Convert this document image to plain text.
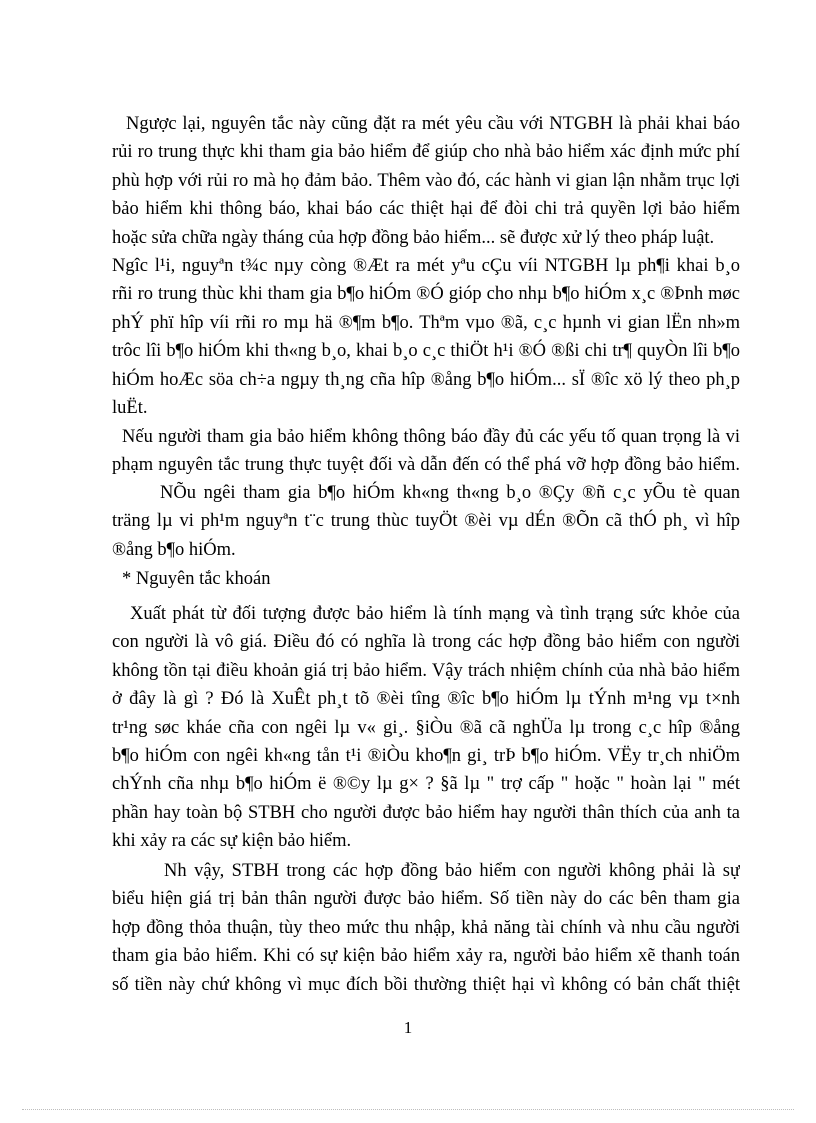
Ngược lại, nguyên tắc này cũng đặt ra mét yêu cầu với NTGBH là phải khai báo
rủi ro trung thực khi tham gia bảo hiểm để giúp cho nhà bảo hiểm xác định mức phí
phù hợp với rủi ro mà họ đảm bảo. Thêm vào đó, các hành vi gian lận nhằm trục lợi
bảo hiểm khi thông báo, khai báo các thiệt hại để đòi chi trả quyền lợi bảo hiểm
hoặc sửa chữa ngày tháng của hợp đồng bảo hiểm... sẽ được xử lý theo pháp luật.
Ngîc l¹i, nguyªn t¾c nµy còng ®Æt ra mét yªu cÇu víi NTGBH lµ ph¶i khai b¸o
rñi ro trung thùc khi tham gia b¶o hiÓm ®Ó gióp cho nhµ b¶o hiÓm x¸c ®Þnh møc
phÝ phï hîp víi rñi ro mµ hä ®¶m b¶o. Thªm vµo ®ã, c¸c hµnh vi gian lËn nh»m
trôc lîi b¶o hiÓm khi th«ng b¸o, khai b¸o c¸c thiÖt h¹i ®Ó ®ßi chi tr¶ quyÒn lîi b¶o
hiÓm hoÆc söa ch÷a ngµy th¸ng cña hîp ®ång b¶o hiÓm... sÏ ®îc xö lý theo ph¸p
luËt.
Nếu người tham gia bảo hiểm không thông báo đầy đủ các yếu tố quan trọng là vi
phạm nguyên tắc trung thực tuyệt đối và dẫn đến có thể phá vỡ hợp đồng bảo hiểm.
NÕu ngêi tham gia b¶o hiÓm kh«ng th«ng b¸o ®Çy ®ñ c¸c yÕu tè quan
träng lµ vi ph¹m nguyªn t¨c trung thùc tuyÖt ®èi vµ dÉn ®Õn cã thÓ ph¸ vì hîp
®ång b¶o hiÓm.
* Nguyên tắc khoán
Xuất phát từ đối tượng được bảo hiểm là tính mạng và tình trạng sức khỏe của
con người là vô giá. Điều đó có nghĩa là trong các hợp đồng bảo hiểm con người
không tồn tại điều khoản giá trị bảo hiểm. Vậy trách nhiệm chính của nhà bảo hiểm
ở đây là gì ? Đó là XuÊt ph¸t tõ ®èi tîng ®îc b¶o hiÓm lµ tÝnh m¹ng vµ t×nh
tr¹ng søc kháe cña con ngêi lµ v« gi¸. §iÒu ®ã cã nghÜa lµ trong c¸c hîp ®ång
b¶o hiÓm con ngêi kh«ng tån t¹i ®iÒu kho¶n gi¸ trÞ b¶o hiÓm. VËy tr¸ch nhiÖm
chÝnh cña nhµ b¶o hiÓm ë ®©y lµ g× ? §ã lµ " trợ cấp " hoặc " hoàn lại " mét
phần hay toàn bộ STBH cho người được bảo hiểm hay người thân thích của anh ta
khi xảy ra các sự kiện bảo hiểm.
Nh vậy, STBH trong các hợp đồng bảo hiểm con người không phải là sự
biểu hiện giá trị bản thân người được bảo hiểm. Số tiền này do các bên tham gia
hợp đồng thỏa thuận, tùy theo mức thu nhập, khả năng tài chính và nhu cầu người
tham gia bảo hiểm. Khi có sự kiện bảo hiểm xảy ra, người bảo hiểm xẽ thanh toán
số tiền này chứ không vì mục đích bồi thường thiệt hại vì không có bản chất thiệt
1
